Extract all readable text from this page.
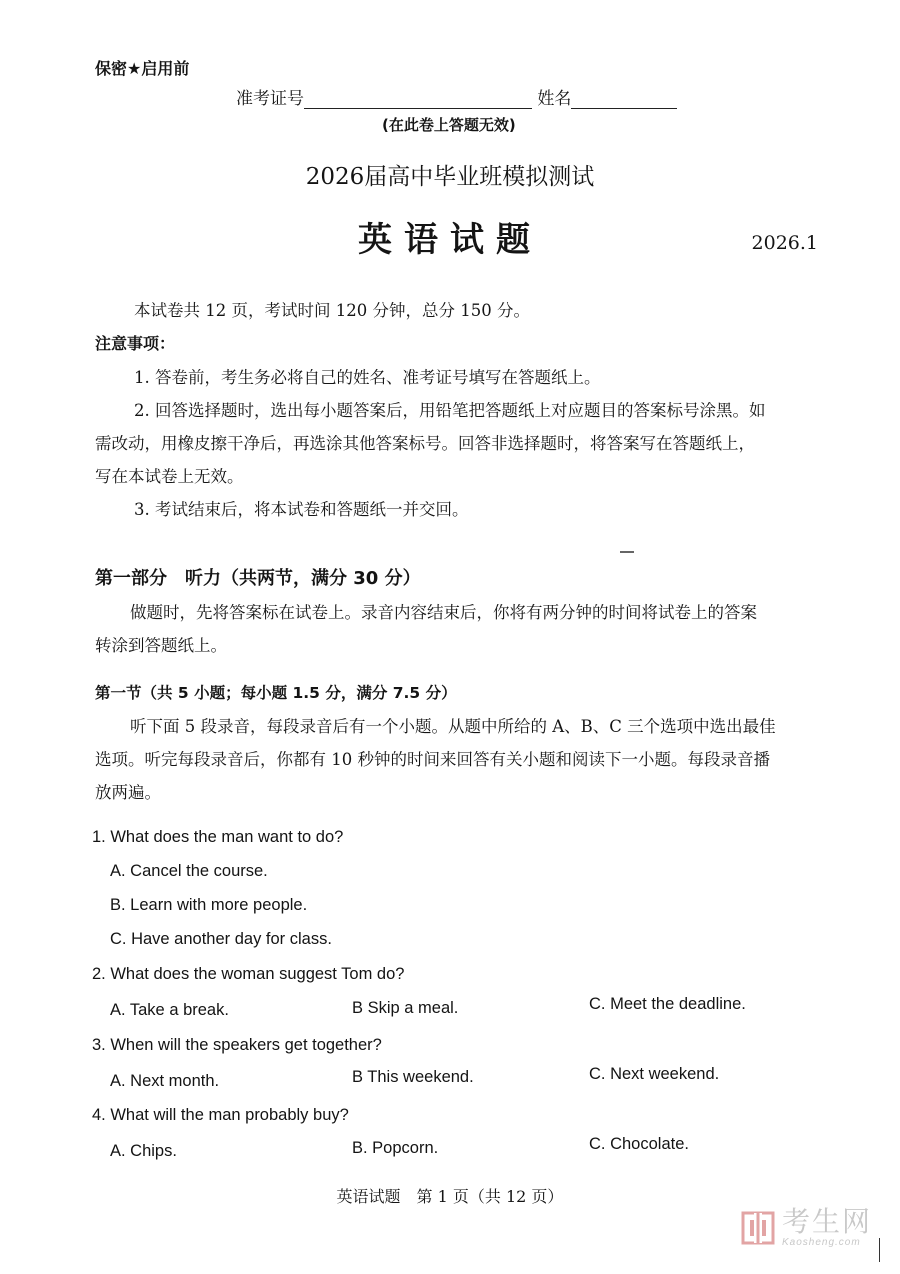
保密★启用前
准考证号	姓名
(在此卷上答题无效)
2026届高中毕业班模拟测试
英语试题	2026.1
本试卷共 12 页，考试时间 120 分钟，总分 150 分。
注意事项：
1. 答卷前，考生务必将自己的姓名、准考证号填写在答题纸上。
2. 回答选择题时，选出每小题答案后，用铅笔把答题纸上对应题目的答案标号涂黑。如
需改动，用橡皮擦干净后，再选涂其他答案标号。回答非选择题时，将答案写在答题纸上，
写在本试卷上无效。
3. 考试结束后，将本试卷和答题纸一并交回。
第一部分　听力（共两节，满分 30 分）
做题时，先将答案标在试卷上。录音内容结束后，你将有两分钟的时间将试卷上的答案
转涂到答题纸上。
第一节（共 5 小题；每小题 1.5 分，满分 7.5 分）
听下面 5 段录音，每段录音后有一个小题。从题中所给的 A、B、C 三个选项中选出最佳
选项。听完每段录音后，你都有 10 秒钟的时间来回答有关小题和阅读下一小题。每段录音播
放两遍。
1. What does the man want to do?
A. Cancel the course.
B. Learn with more people.
C. Have another day for class.
2. What does the woman suggest Tom do?
A. Take a break.	B Skip a meal.	C. Meet the deadline.
3. When will the speakers get together?
A. Next month.	B This weekend.	C. Next weekend.
4. What will the man probably buy?
A. Chips.	B. Popcorn.	C. Chocolate.
英语试题　第 1 页（共 12 页）
考生网
Kaosheng.com
